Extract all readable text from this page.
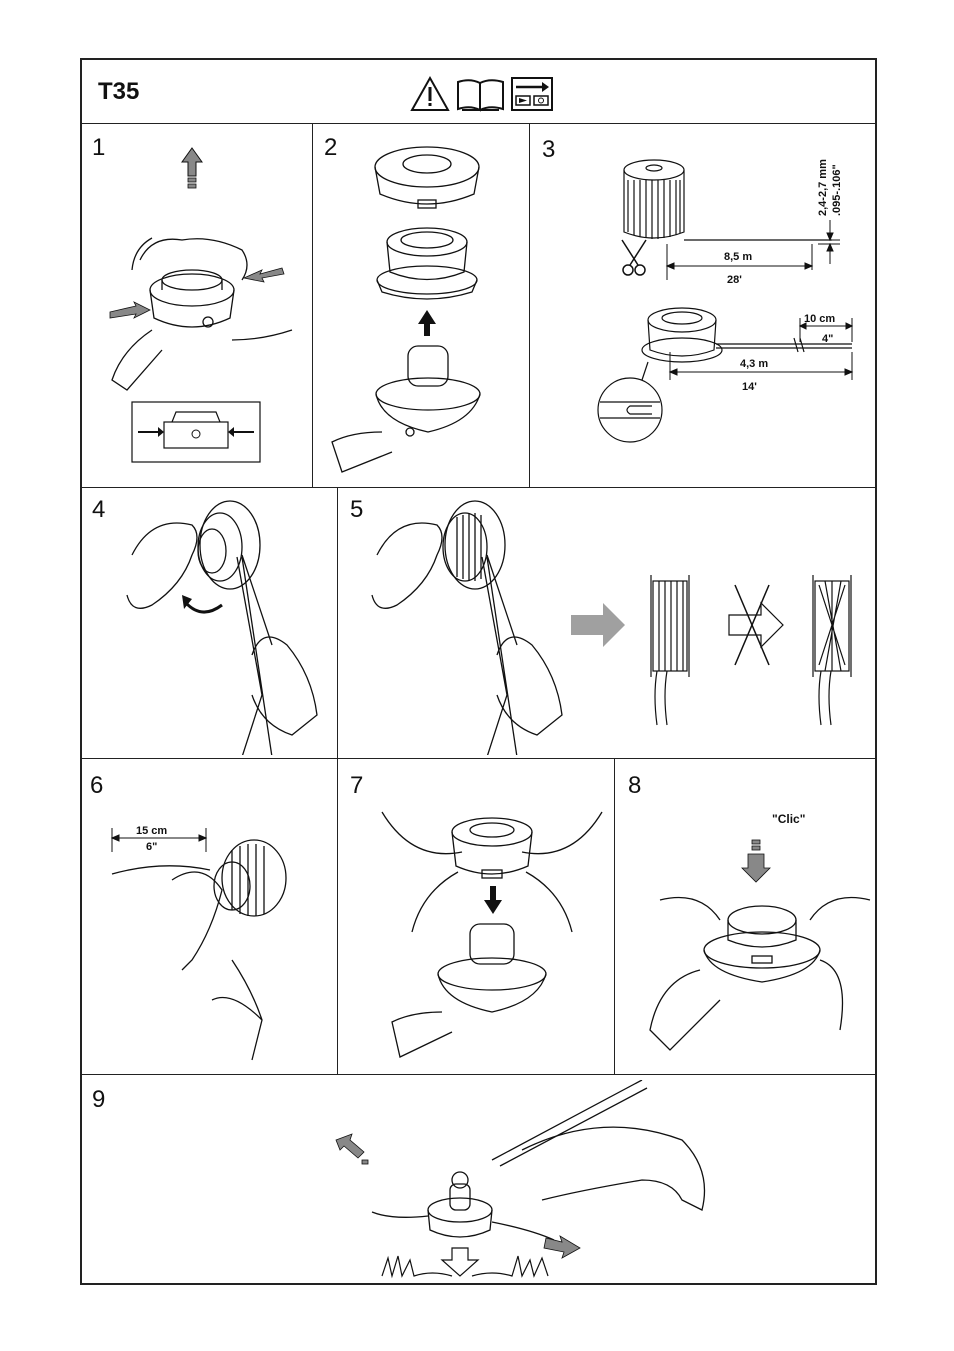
T35
1	2	3
4	5
6	7	8
9
8,5 m
28'
2,4-2,7 mm .095-.106"
10 cm
4"
4,3 m
14'
15 cm
6"
"Clic"
